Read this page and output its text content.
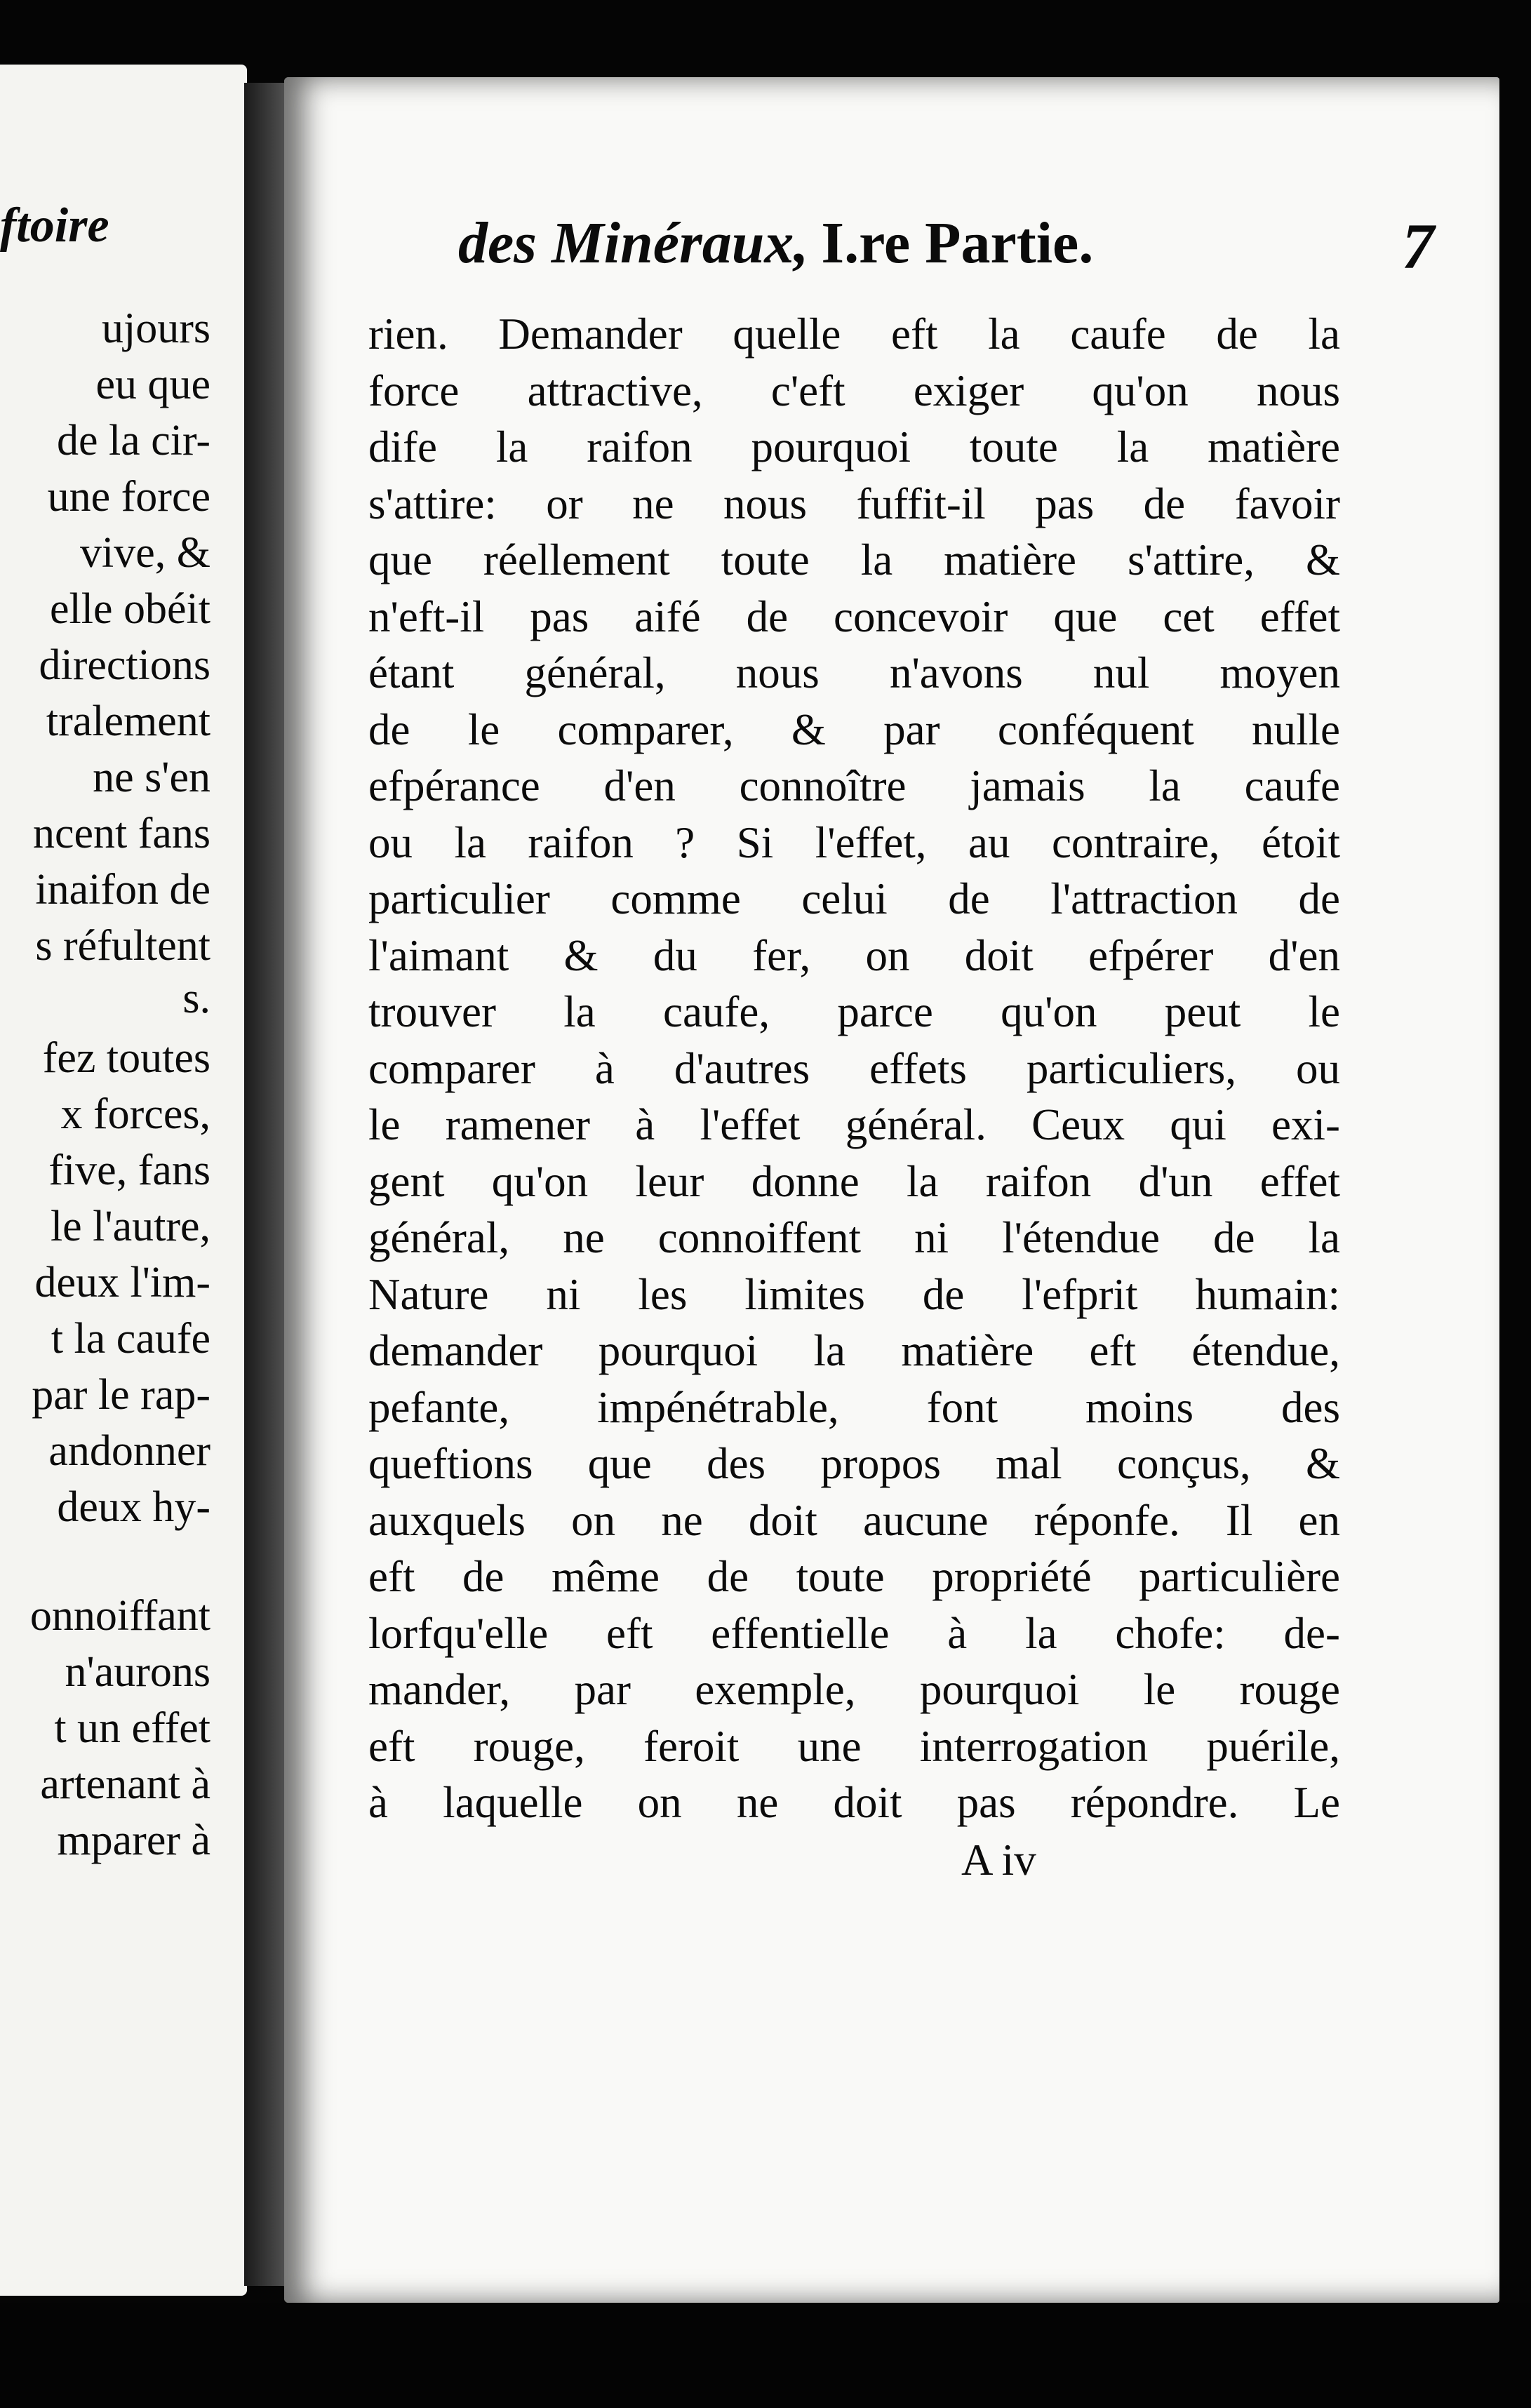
ftoire
ujours
eu que
de la cir-
une force
vive, &
elle obéit
directions
tralement
ne s'en
ncent fans
inaifon de
s réfultent
s.
fez toutes
x forces,
five, fans
le l'autre,
deux l'im-
t la caufe
par le rap-
andonner
deux hy-
onnoiffant
n'aurons
t un effet
artenant à
mparer à
des Minéraux, I.re Partie.	7
rien. Demander quelle eft la caufe de la
force attractive, c'eft exiger qu'on nous
dife la raifon pourquoi toute la matière
s'attire: or ne nous fuffit-il pas de favoir
que réellement toute la matière s'attire, &
n'eft-il pas aifé de concevoir que cet effet
étant général, nous n'avons nul moyen
de le comparer, & par conféquent nulle
efpérance d'en connoître jamais la caufe
ou la raifon ? Si l'effet, au contraire, étoit
particulier comme celui de l'attraction de
l'aimant & du fer, on doit efpérer d'en
trouver la caufe, parce qu'on peut le
comparer à d'autres effets particuliers, ou
le ramener à l'effet général. Ceux qui exi-
gent qu'on leur donne la raifon d'un effet
général, ne connoiffent ni l'étendue de la
Nature ni les limites de l'efprit humain:
demander pourquoi la matière eft étendue,
pefante, impénétrable, font moins des
queftions que des propos mal conçus, &
auxquels on ne doit aucune réponfe. Il en
eft de même de toute propriété particulière
lorfqu'elle eft effentielle à la chofe: de-
mander, par exemple, pourquoi le rouge
eft rouge, feroit une interrogation puérile,
à laquelle on ne doit pas répondre. Le
A iv
